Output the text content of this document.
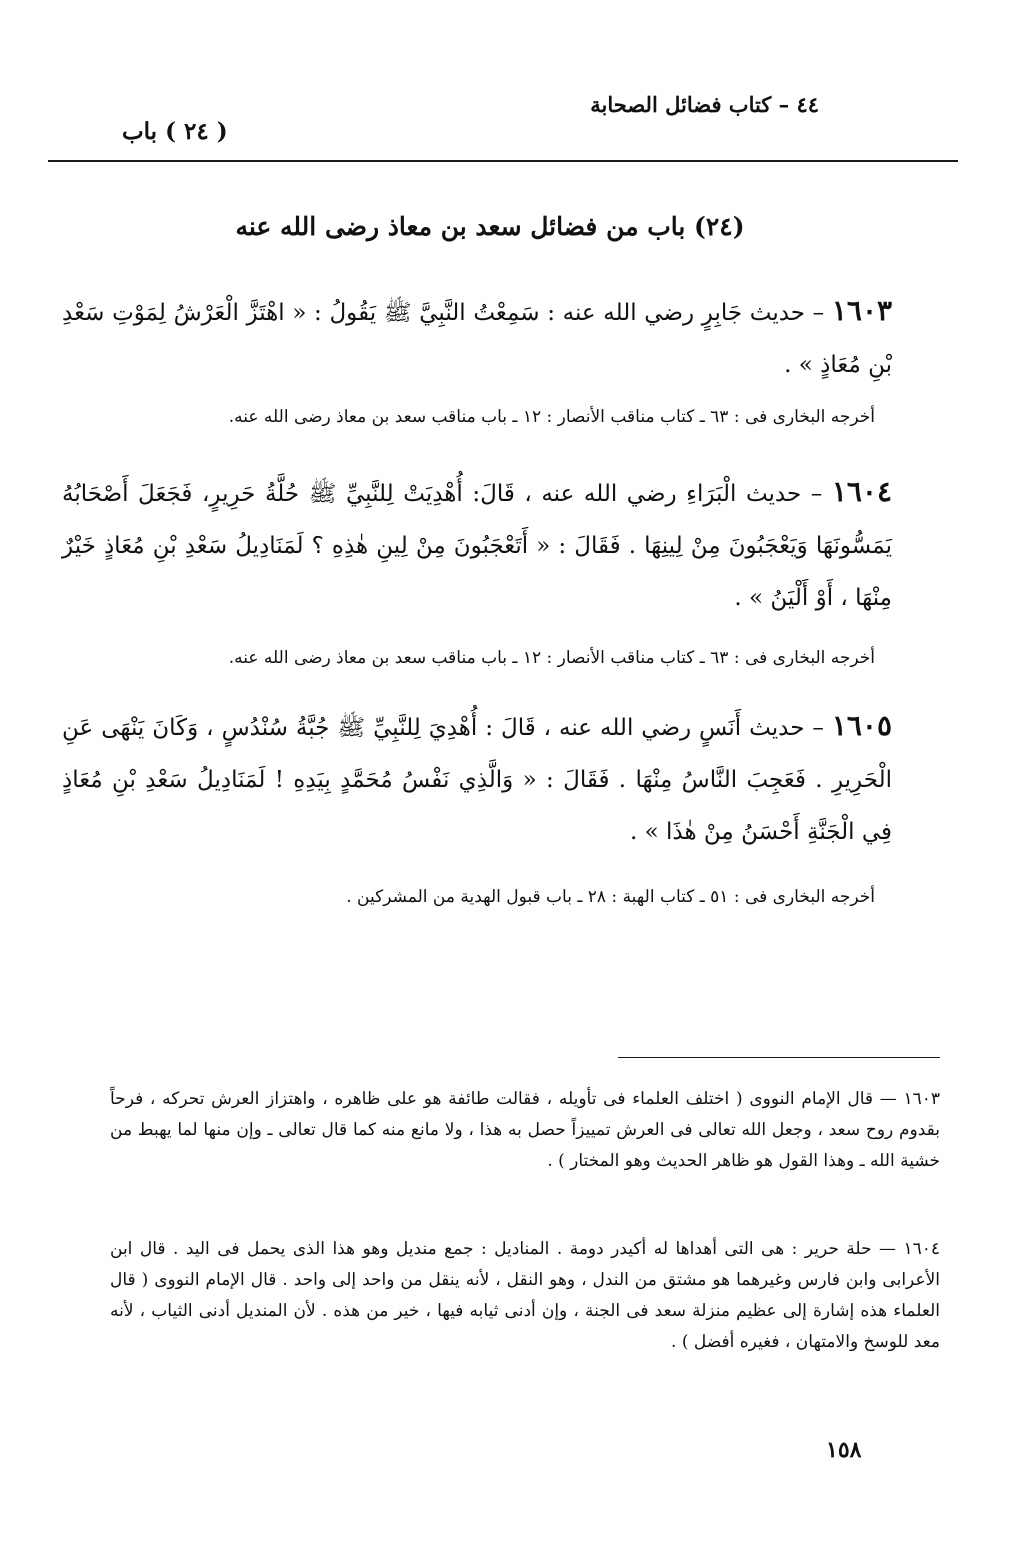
٤٤ – كتاب فضائل الصحابة
( ٢٤ ) باب
(٢٤) باب من فضائل سعد بن معاذ رضى الله عنه
١٦٠٣ – حديث جَابِرٍ رضي الله عنه : سَمِعْتُ النَّبِيَّ ﷺ يَقُولُ : « اهْتَزَّ الْعَرْشُ لِمَوْتِ سَعْدِ بْنِ مُعَاذٍ » .
أخرجه البخارى فى : ٦٣ ـ كتاب مناقب الأنصار : ١٢ ـ باب مناقب سعد بن معاذ رضى الله عنه.
١٦٠٤ – حديث الْبَرَاءِ رضي الله عنه ، قَالَ: أُهْدِيَتْ لِلنَّبِيِّ ﷺ حُلَّةُ حَرِيرٍ، فَجَعَلَ أَصْحَابُهُ يَمَسُّونَهَا وَيَعْجَبُونَ مِنْ لِينِهَا . فَقَالَ : « أَتَعْجَبُونَ مِنْ لِينِ هٰذِهِ ؟ لَمَنَادِيلُ سَعْدِ بْنِ مُعَاذٍ خَيْرٌ مِنْهَا ، أَوْ أَلْيَنُ » .
أخرجه البخارى فى : ٦٣ ـ كتاب مناقب الأنصار : ١٢ ـ باب مناقب سعد بن معاذ رضى الله عنه.
١٦٠٥ – حديث أَنَسٍ رضي الله عنه ، قَالَ : أُهْدِيَ لِلنَّبِيِّ ﷺ جُبَّةُ سُنْدُسٍ ، وَكَانَ يَنْهَى عَنِ الْحَرِيرِ . فَعَجِبَ النَّاسُ مِنْهَا . فَقَالَ : « وَالَّذِي نَفْسُ مُحَمَّدٍ بِيَدِهِ ! لَمَنَادِيلُ سَعْدِ بْنِ مُعَاذٍ فِي الْجَنَّةِ أَحْسَنُ مِنْ هٰذَا » .
أخرجه البخارى فى : ٥١ ـ كتاب الهبة : ٢٨ ـ باب قبول الهدية من المشركين .
١٦٠٣ — قال الإمام النووى ( اختلف العلماء فى تأويله ، فقالت طائفة هو على ظاهره ، واهتزاز العرش تحركه ، فرحاً بقدوم روح سعد ، وجعل الله تعالى فى العرش تمييزاً حصل به هذا ، ولا مانع منه كما قال تعالى ـ وإن منها لما يهبط من خشية الله ـ وهذا القول هو ظاهر الحديث وهو المختار ) .
١٦٠٤ — حلة حرير : هى التى أهداها له أكيدر دومة . المناديل : جمع منديل وهو هذا الذى يحمل فى اليد . قال ابن الأعرابى وابن فارس وغيرهما هو مشتق من الندل ، وهو النقل ، لأنه ينقل من واحد إلى واحد . قال الإمام النووى ( قال العلماء هذه إشارة إلى عظيم منزلة سعد فى الجنة ، وإن أدنى ثيابه فيها ، خير من هذه . لأن المنديل أدنى الثياب ، لأنه معد للوسخ والامتهان ، فغيره أفضل ) .
١٥٨
